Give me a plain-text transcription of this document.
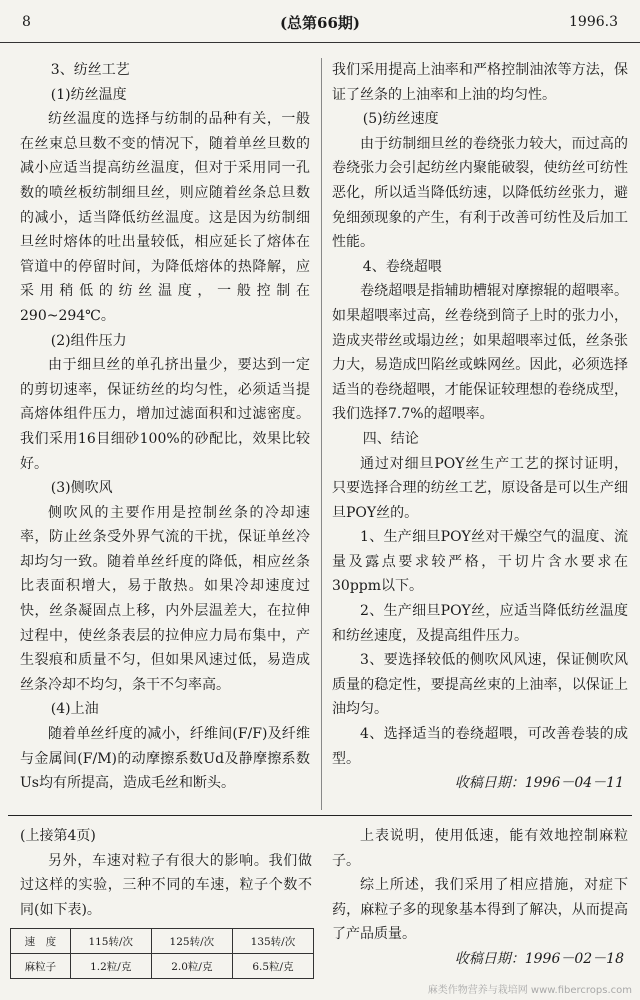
8	(总第66期)	1996.3

3、纺丝工艺

(1)纺丝温度

纺丝温度的选择与纺制的品种有关，一般在丝束总旦数不变的情况下，随着单丝旦数的减小应适当提高纺丝温度，但对于采用同一孔数的喷丝板纺制细旦丝，则应随着丝条总旦数的减小，适当降低纺丝温度。这是因为纺制细旦丝时熔体的吐出量较低，相应延长了熔体在管道中的停留时间，为降低熔体的热降解，应采用稍低的纺丝温度，一般控制在290~294℃。

(2)组件压力

由于细旦丝的单孔挤出量少，要达到一定的剪切速率，保证纺丝的均匀性，必须适当提高熔体组件压力，增加过滤面积和过滤密度。我们采用16目细砂100%的砂配比，效果比较好。

(3)侧吹风

侧吹风的主要作用是控制丝条的冷却速率，防止丝条受外界气流的干扰，保证单丝冷却均匀一致。随着单丝纤度的降低，相应丝条比表面积增大，易于散热。如果冷却速度过快，丝条凝固点上移，内外层温差大，在拉伸过程中，使丝条表层的拉伸应力局布集中，产生裂痕和质量不匀，但如果风速过低，易造成丝条冷却不均匀，条干不匀率高。

(4)上油

随着单丝纤度的减小，纤维间(F/F)及纤维与金属间(F/M)的动摩擦系数Ud及静摩擦系数Us均有所提高，造成毛丝和断头。

我们采用提高上油率和严格控制油浓等方法，保证了丝条的上油率和上油的均匀性。

(5)纺丝速度

由于纺制细旦丝的卷绕张力较大，而过高的卷绕张力会引起纺丝内聚能破裂，使纺丝可纺性恶化，所以适当降低纺速，以降低纺丝张力，避免细颈现象的产生，有利于改善可纺性及后加工性能。

4、卷绕超喂

卷绕超喂是指辅助槽辊对摩擦辊的超喂率。如果超喂率过高，丝卷绕到筒子上时的张力小，造成夹带丝或塌边丝；如果超喂率过低，丝条张力大，易造成凹陷丝或蛛网丝。因此，必须选择适当的卷绕超喂，才能保证较理想的卷绕成型，我们选择7.7%的超喂率。

四、结论

通过对细旦POY丝生产工艺的探讨证明，只要选择合理的纺丝工艺，原设备是可以生产细旦POY丝的。

1、生产细旦POY丝对干燥空气的温度、流量及露点要求较严格，干切片含水要求在30ppm以下。

2、生产细旦POY丝，应适当降低纺丝温度和纺丝速度，及提高组件压力。

3、要选择较低的侧吹风风速，保证侧吹风质量的稳定性，要提高丝束的上油率，以保证上油均匀。

4、选择适当的卷绕超喂，可改善卷装的成型。

收稿日期：1996－04－11

(上接第4页)

另外，车速对粒子有很大的影响。我们做过这样的实验，三种不同的车速，粒子个数不同(如下表)。

速　度	115转/次	125转/次	135转/次
麻粒子	1.2粒/克	2.0粒/克	6.5粒/克

上表说明，使用低速，能有效地控制麻粒子。

综上所述，我们采用了相应措施，对症下药，麻粒子多的现象基本得到了解决，从而提高了产品质量。

收稿日期：1996－02－18

麻类作物营养与栽培网 www.fibercrops.com
